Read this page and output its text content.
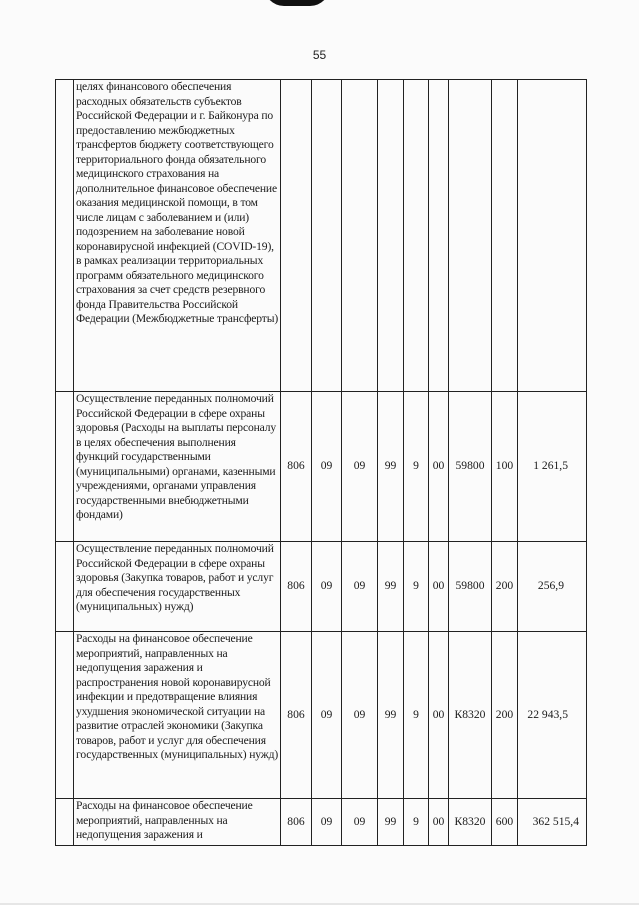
55
	целях финансового обеспечения расходных обязательств субъектов Российской Федерации и г. Байконура по предоставлению межбюджетных трансфертов бюджету соответствующего территориального фонда обязательного медицинского страхования на дополнительное финансовое обеспечение оказания медицинской помощи, в том числе лицам с заболеванием и (или) подозрением на заболевание новой коронавирусной инфекцией (COVID-19), в рамках реализации территориальных программ обязательного медицинского страхования за счет средств резервного фонда Правительства Российской Федерации (Межбюджетные трансферты)									
	Осуществление переданных полномочий Российской Федерации в сфере охраны здоровья (Расходы на выплаты персоналу в целях обеспечения выполнения функций государственными (муниципальными) органами, казенными учреждениями, органами управления государственными внебюджетными фондами)	806	09	09	99	9	00	59800	100	1 261,5
	Осуществление переданных полномочий Российской Федерации в сфере охраны здоровья (Закупка товаров, работ и услуг для обеспечения государственных (муниципальных) нужд)	806	09	09	99	9	00	59800	200	256,9
	Расходы на финансовое обеспечение мероприятий, направленных на недопущения заражения и распространения новой коронавирусной инфекции и предотвращение влияния ухудшения экономической ситуации на развитие отраслей экономики (Закупка товаров, работ и услуг для обеспечения государственных (муниципальных) нужд)	806	09	09	99	9	00	К8320	200	22 943,5
	Расходы на финансовое обеспечение мероприятий, направленных на недопущения заражения и	806	09	09	99	9	00	К8320	600	362 515,4
